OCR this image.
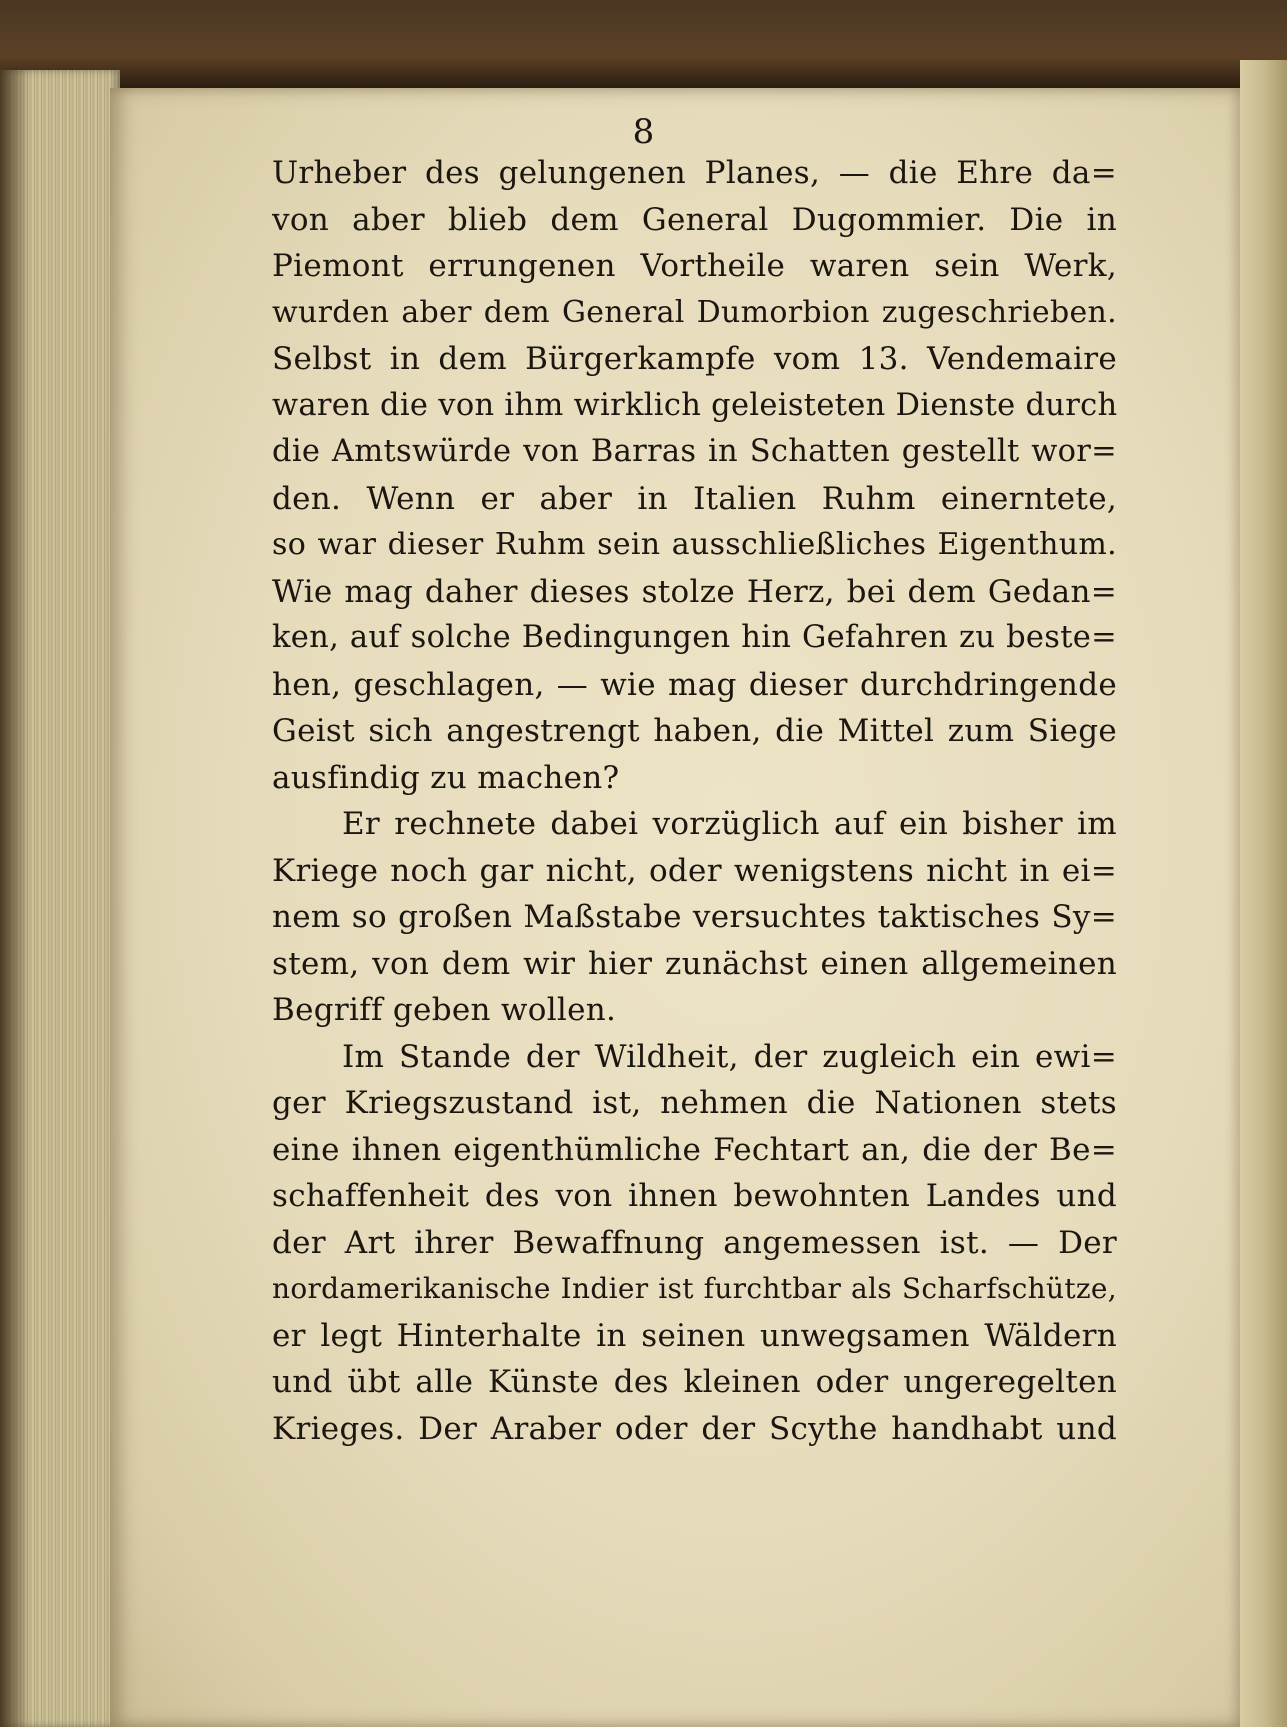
8
Urheber des gelungenen Planes, — die Ehre da=
von aber blieb dem General Dugommier. Die in
Piemont errungenen Vortheile waren sein Werk,
wurden aber dem General Dumorbion zugeschrieben.
Selbst in dem Bürgerkampfe vom 13. Vendemaire
waren die von ihm wirklich geleisteten Dienste durch
die Amtswürde von Barras in Schatten gestellt wor=
den. Wenn er aber in Italien Ruhm einerntete,
so war dieser Ruhm sein ausschließliches Eigenthum.
Wie mag daher dieses stolze Herz, bei dem Gedan=
ken, auf solche Bedingungen hin Gefahren zu beste=
hen, geschlagen, — wie mag dieser durchdringende
Geist sich angestrengt haben, die Mittel zum Siege
ausfindig zu machen?
Er rechnete dabei vorzüglich auf ein bisher im
Kriege noch gar nicht, oder wenigstens nicht in ei=
nem so großen Maßstabe versuchtes taktisches Sy=
stem, von dem wir hier zunächst einen allgemeinen
Begriff geben wollen.
Im Stande der Wildheit, der zugleich ein ewi=
ger Kriegszustand ist, nehmen die Nationen stets
eine ihnen eigenthümliche Fechtart an, die der Be=
schaffenheit des von ihnen bewohnten Landes und
der Art ihrer Bewaffnung angemessen ist. — Der
nordamerikanische Indier ist furchtbar als Scharfschütze,
er legt Hinterhalte in seinen unwegsamen Wäldern
und übt alle Künste des kleinen oder ungeregelten
Krieges. Der Araber oder der Scythe handhabt und
